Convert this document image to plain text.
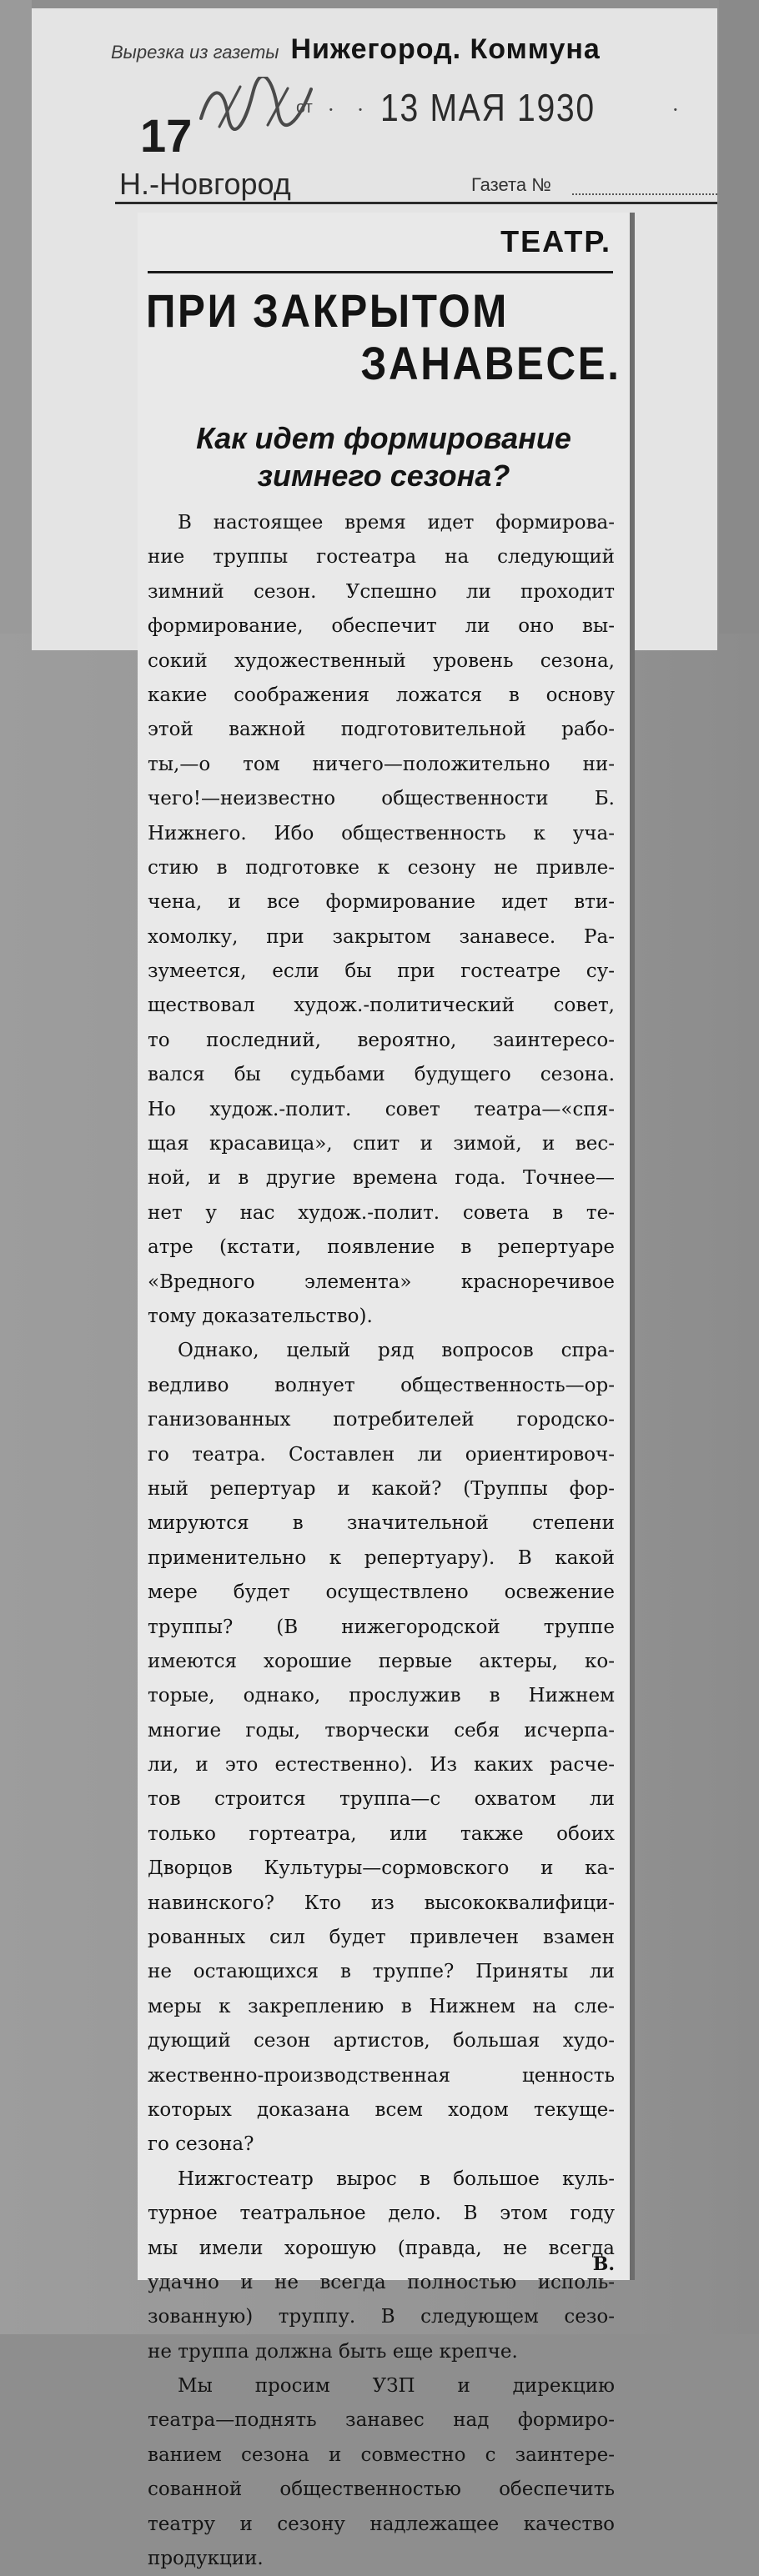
Вырезка из газеты Нижегород. Коммуна
от · · 13 МАЯ 1930	·
17
Н.-Новгород	Газета №
ТЕАТР.
ПРИ ЗАКРЫТОМ
ЗАНАВЕСЕ.
Как идет формирование
зимнего сезона?
В настоящее время идет формирова-
ние труппы гостеатра на следующий
зимний сезон. Успешно ли проходит
формирование, обеспечит ли оно вы-
сокий художественный уровень сезона,
какие соображения ложатся в основу
этой важной подготовительной рабо-
ты,—о том ничего—положительно ни-
чего!—неизвестно общественности Б.
Нижнего. Ибо общественность к уча-
стию в подготовке к сезону не привле-
чена, и все формирование идет вти-
хомолку, при закрытом занавесе. Ра-
зумеется, если бы при гостеатре су-
ществовал худож.-политический совет,
то последний, вероятно, заинтересо-
вался бы судьбами будущего сезона.
Но худож.-полит. совет театра—«спя-
щая красавица», спит и зимой, и вес-
ной, и в другие времена года. Точнее—
нет у нас худож.-полит. совета в те-
атре (кстати, появление в репертуаре
«Вредного элемента» красноречивое
тому доказательство).
Однако, целый ряд вопросов спра-
ведливо волнует общественность—ор-
ганизованных потребителей городско-
го театра. Составлен ли ориентировоч-
ный репертуар и какой? (Труппы фор-
мируются в значительной степени
применительно к репертуару). В какой
мере будет осуществлено освежение
труппы? (В нижегородской труппе
имеются хорошие первые актеры, ко-
торые, однако, прослужив в Нижнем
многие годы, творчески себя исчерпа-
ли, и это естественно). Из каких расче-
тов строится труппа—с охватом ли
только гортеатра, или также обоих
Дворцов Культуры—сормовского и ка-
навинского? Кто из высококвалифици-
рованных сил будет привлечен взамен
не остающихся в труппе? Приняты ли
меры к закреплению в Нижнем на сле-
дующий сезон артистов, большая худо-
жественно-производственная ценность
которых доказана всем ходом текуще-
го сезона?
Нижгостеатр вырос в большое куль-
турное театральное дело. В этом году
мы имели хорошую (правда, не всегда
удачно и не всегда полностью исполь-
зованную) труппу. В следующем сезо-
не труппа должна быть еще крепче.
Мы просим УЗП и дирекцию
театра—поднять занавес над формиро-
ванием сезона и совместно с заинтере-
сованной общественностью обеспечить
театру и сезону надлежащее качество
продукции.
В.
